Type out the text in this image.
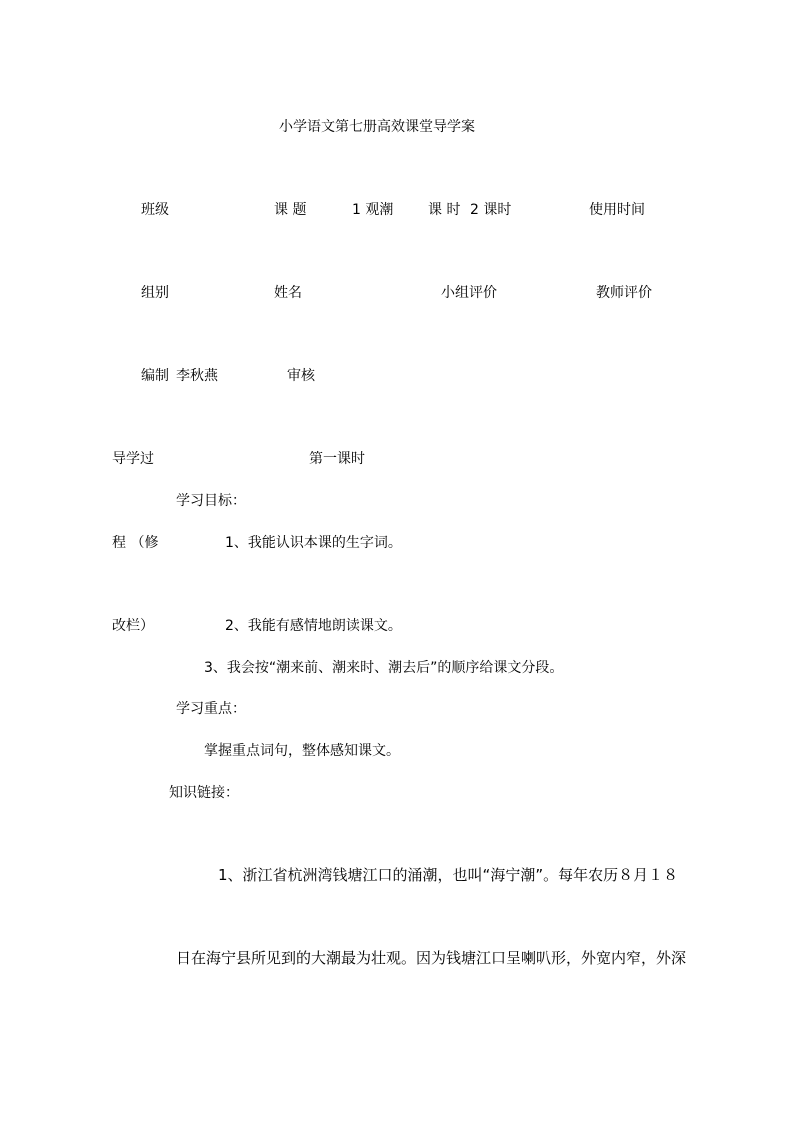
小学语文第七册高效课堂导学案
班级	课 题	1 观潮 课 时 2 课时	使用时间
组别	姓名	小组评价	教师评价
编制 李秋燕	审核
导学过	第一课时
学习目标：
程 （修	1、我能认识本课的生字词。
改栏）	2、我能有感情地朗读课文。
3、我会按“潮来前、潮来时、潮去后”的顺序给课文分段。
学习重点：
掌握重点词句，整体感知课文。
知识链接：
1、浙江省杭洲湾钱塘江口的涌潮，也叫“海宁潮”。每年农历８月１８
日在海宁县所见到的大潮最为壮观。因为钱塘江口呈喇叭形，外宽内窄，外深
